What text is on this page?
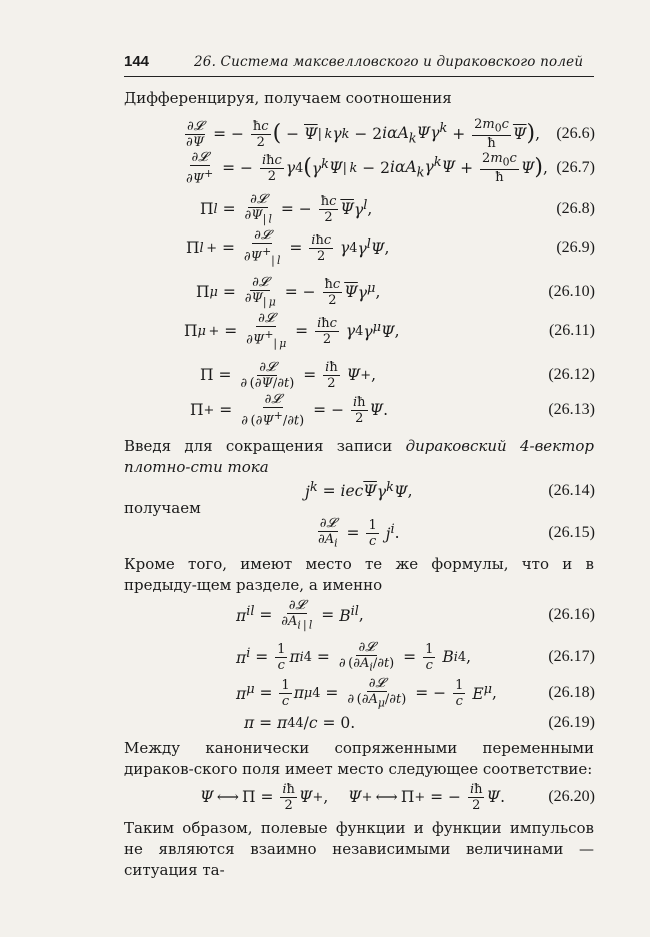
144	26. Система максвелловского и дираковского полей
Дифференцируя, получаем соотношения
$\frac{\text{∂𝓛}}{\partial\Psi}$ = − $\frac{ħc}{2}$ ( − $\overline{\Psi}$ | k γ k − 2 $i\alpha A_k\Psi\gamma^k + \frac{2m_0c}{ħ} \overline{\Psi}$ ) , (26.6)
$\frac{\text{∂𝓛}}{\partial\Psi^+}$ = − $\frac{\text{iħc}}{2}$ γ 4 ( $\gamma^k$ Ψ | k − 2 $i\alpha A_k\gamma^k\Psi + \frac{2m_0c}{ħ}$ Ψ ) , (26.7)
Π $l = \frac{\text{∂𝓛}}{\partial\Psi_{| l}}$ = − $\frac{ħc}{2} \overline{\Psi}$ $\gamma^l$ ,	(26.8)
Π l + = $\frac{\text{∂𝓛}}{\partial\Psi^+_{| l}} = \frac{\text{iħc}}{2}$
γ 4 $\gamma^l\Psi$ ,	(26.9)
Π $\mu = \frac{\text{∂𝓛}}{\partial\Psi_{| \mu}}$ = − $\frac{ħc}{2} \overline{\Psi}$ $\gamma^\mu$ ,	(26.10)
Π μ + = $\frac{\text{∂𝓛}}{\partial\Psi^+_{| \mu}} = \frac{\text{iħc}}{2}$
γ 4 $\gamma^\mu\Psi$ ,	(26.11)
$\Pi = \frac{\text{∂𝓛}}{\partial (\partial\Psi/\partial t)} = \frac{iħ}{2}$
Ψ + ,	(26.12)
Π + = $\frac{\text{∂𝓛}}{\partial (\partial\Psi^+/\partial t)}$ = − $\frac{iħ}{2}$ Ψ .	(26.13)
Введя для сокращения записи дираковский 4-вектор плотно-сти тока
$j^k$ = iec $\overline{\Psi}$ $\gamma^k\Psi$ ,	(26.14)
получаем
$\frac{\text{∂𝓛}}{\partial A_i} = \frac{1}{c}$
$j^i$ .	(26.15)
Кроме того, имеют место те же формулы, что и в предыду-щем разделе, а именно
$\pi^{il} = \frac{\text{∂𝓛}}{\partial A_{i | l}} = B^{il}$ ,	(26.16)
$\pi^i = \frac{1}{c}$ π $i4 = \frac{\text{∂𝓛}}{\partial (\partial A_i/\partial t)} = \frac{1}{c}$
B i4 ,	(26.17)
$\pi^\mu = \frac{1}{c}$ π $\mu 4 = \frac{\text{∂𝓛}}{\partial (\partial A_\mu/\partial t)}$ = − $\frac{1}{c}$
$E^\mu$ ,	(26.18)
π = π 44 / c = 0.	(26.19)
Между канонически сопряженными переменными дираков-ского поля имеет место следующее соответствие:
Ψ  ⟷ $\Pi = \frac{iħ}{2}$ Ψ + , Ψ +  ⟷ Π + = − $\frac{iħ}{2}$ Ψ .	(26.20)
Таким образом, полевые функции и функции импульсов не являются взаимно независимыми величинами — ситуация та-
